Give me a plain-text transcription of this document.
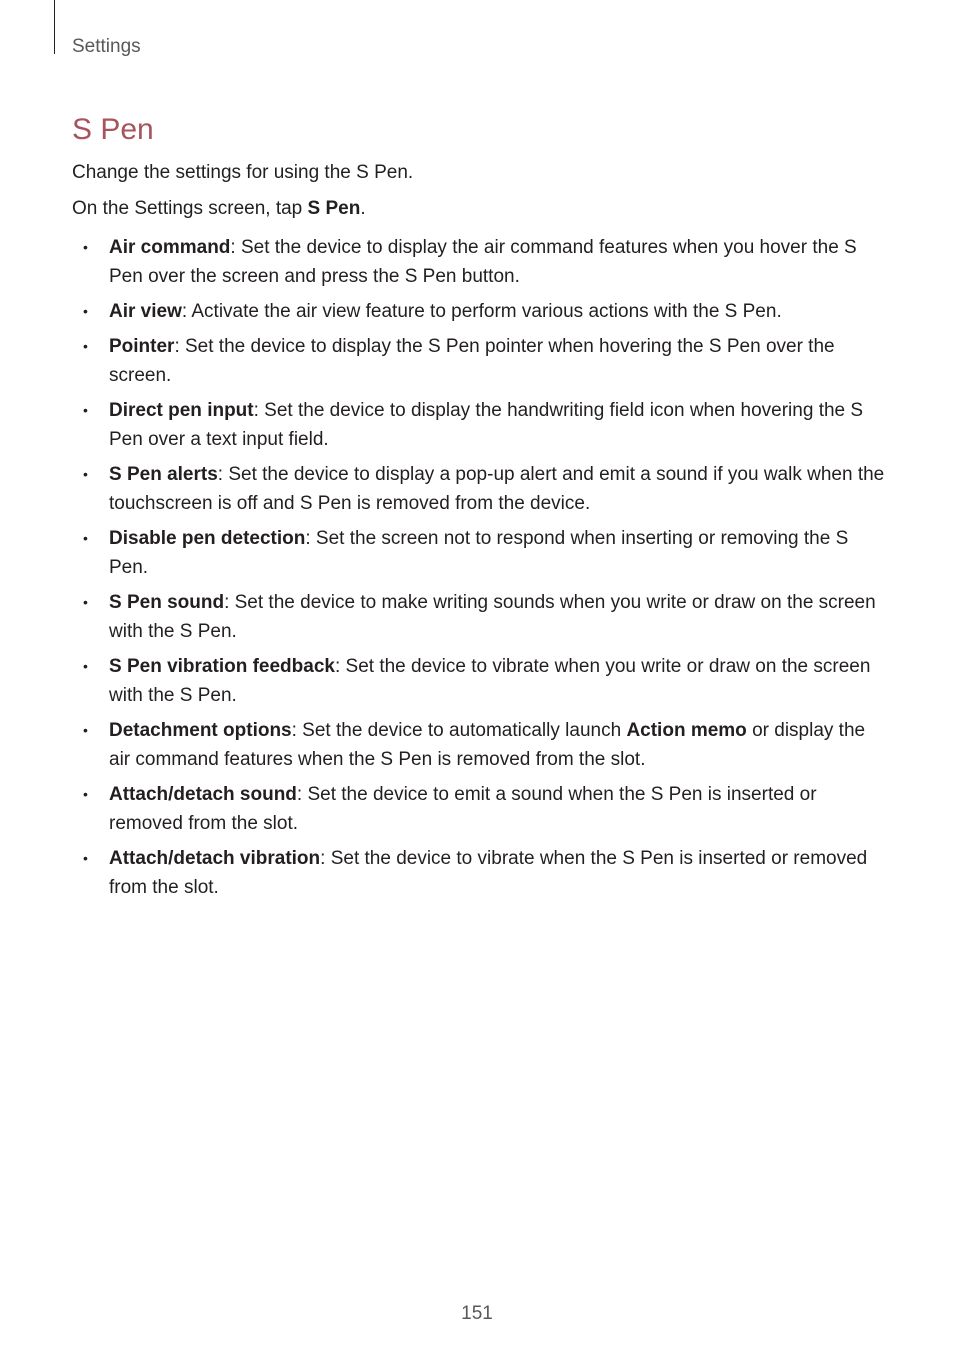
Settings
S Pen

Change the settings for using the S Pen.

On the Settings screen, tap S Pen.

• Air command: Set the device to display the air command features when you hover the S Pen over the screen and press the S Pen button.
• Air view: Activate the air view feature to perform various actions with the S Pen.
• Pointer: Set the device to display the S Pen pointer when hovering the S Pen over the screen.
• Direct pen input: Set the device to display the handwriting field icon when hovering the S Pen over a text input field.
• S Pen alerts: Set the device to display a pop-up alert and emit a sound if you walk when the touchscreen is off and S Pen is removed from the device.
• Disable pen detection: Set the screen not to respond when inserting or removing the S Pen.
• S Pen sound: Set the device to make writing sounds when you write or draw on the screen with the S Pen.
• S Pen vibration feedback: Set the device to vibrate when you write or draw on the screen with the S Pen.
• Detachment options: Set the device to automatically launch Action memo or display the air command features when the S Pen is removed from the slot.
• Attach/detach sound: Set the device to emit a sound when the S Pen is inserted or removed from the slot.
• Attach/detach vibration: Set the device to vibrate when the S Pen is inserted or removed from the slot.
151
